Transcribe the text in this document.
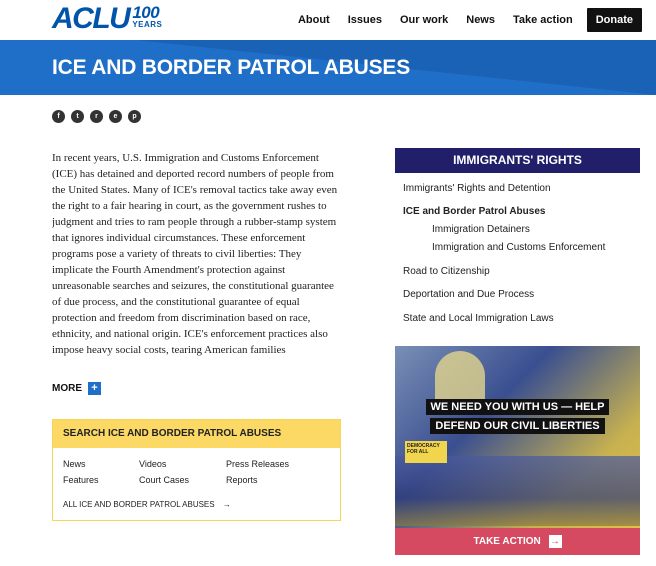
ACLU 100
YEARS	About Issues Our work News Take action	Donate
ICE AND BORDER PATROL ABUSES
f	t	r	e	p
In recent years, U.S. Immigration and Customs Enforcement (ICE) has detained and deported record numbers of people from the United States. Many of ICE's removal tactics take away even the right to a fair hearing in court, as the government rushes to judgment and tries to ram people through a rubber-stamp system that ignores individual circumstances. These enforcement programs pose a variety of threats to civil liberties: They implicate the Fourth Amendment's protection against unreasonable searches and seizures, the constitutional guarantee of due process, and the constitutional guarantee of equal protection and freedom from discrimination based on race, ethnicity, and national origin. ICE's enforcement practices also impose heavy social costs, tearing American families
MORE +
SEARCH ICE AND BORDER PATROL ABUSES
News	Videos	Press Releases
Features	Court Cases	Reports
ALL ICE AND BORDER PATROL ABUSES →
IMMIGRANTS' RIGHTS
Immigrants' Rights and Detention
ICE and Border Patrol Abuses
Immigration Detainers
Immigration and Customs Enforcement
Road to Citizenship
Deportation and Due Process
State and Local Immigration Laws
DEMOCRACY FOR ALL
WE NEED YOU WITH US — HELP
DEFEND OUR CIVIL LIBERTIES
TAKE ACTION →
